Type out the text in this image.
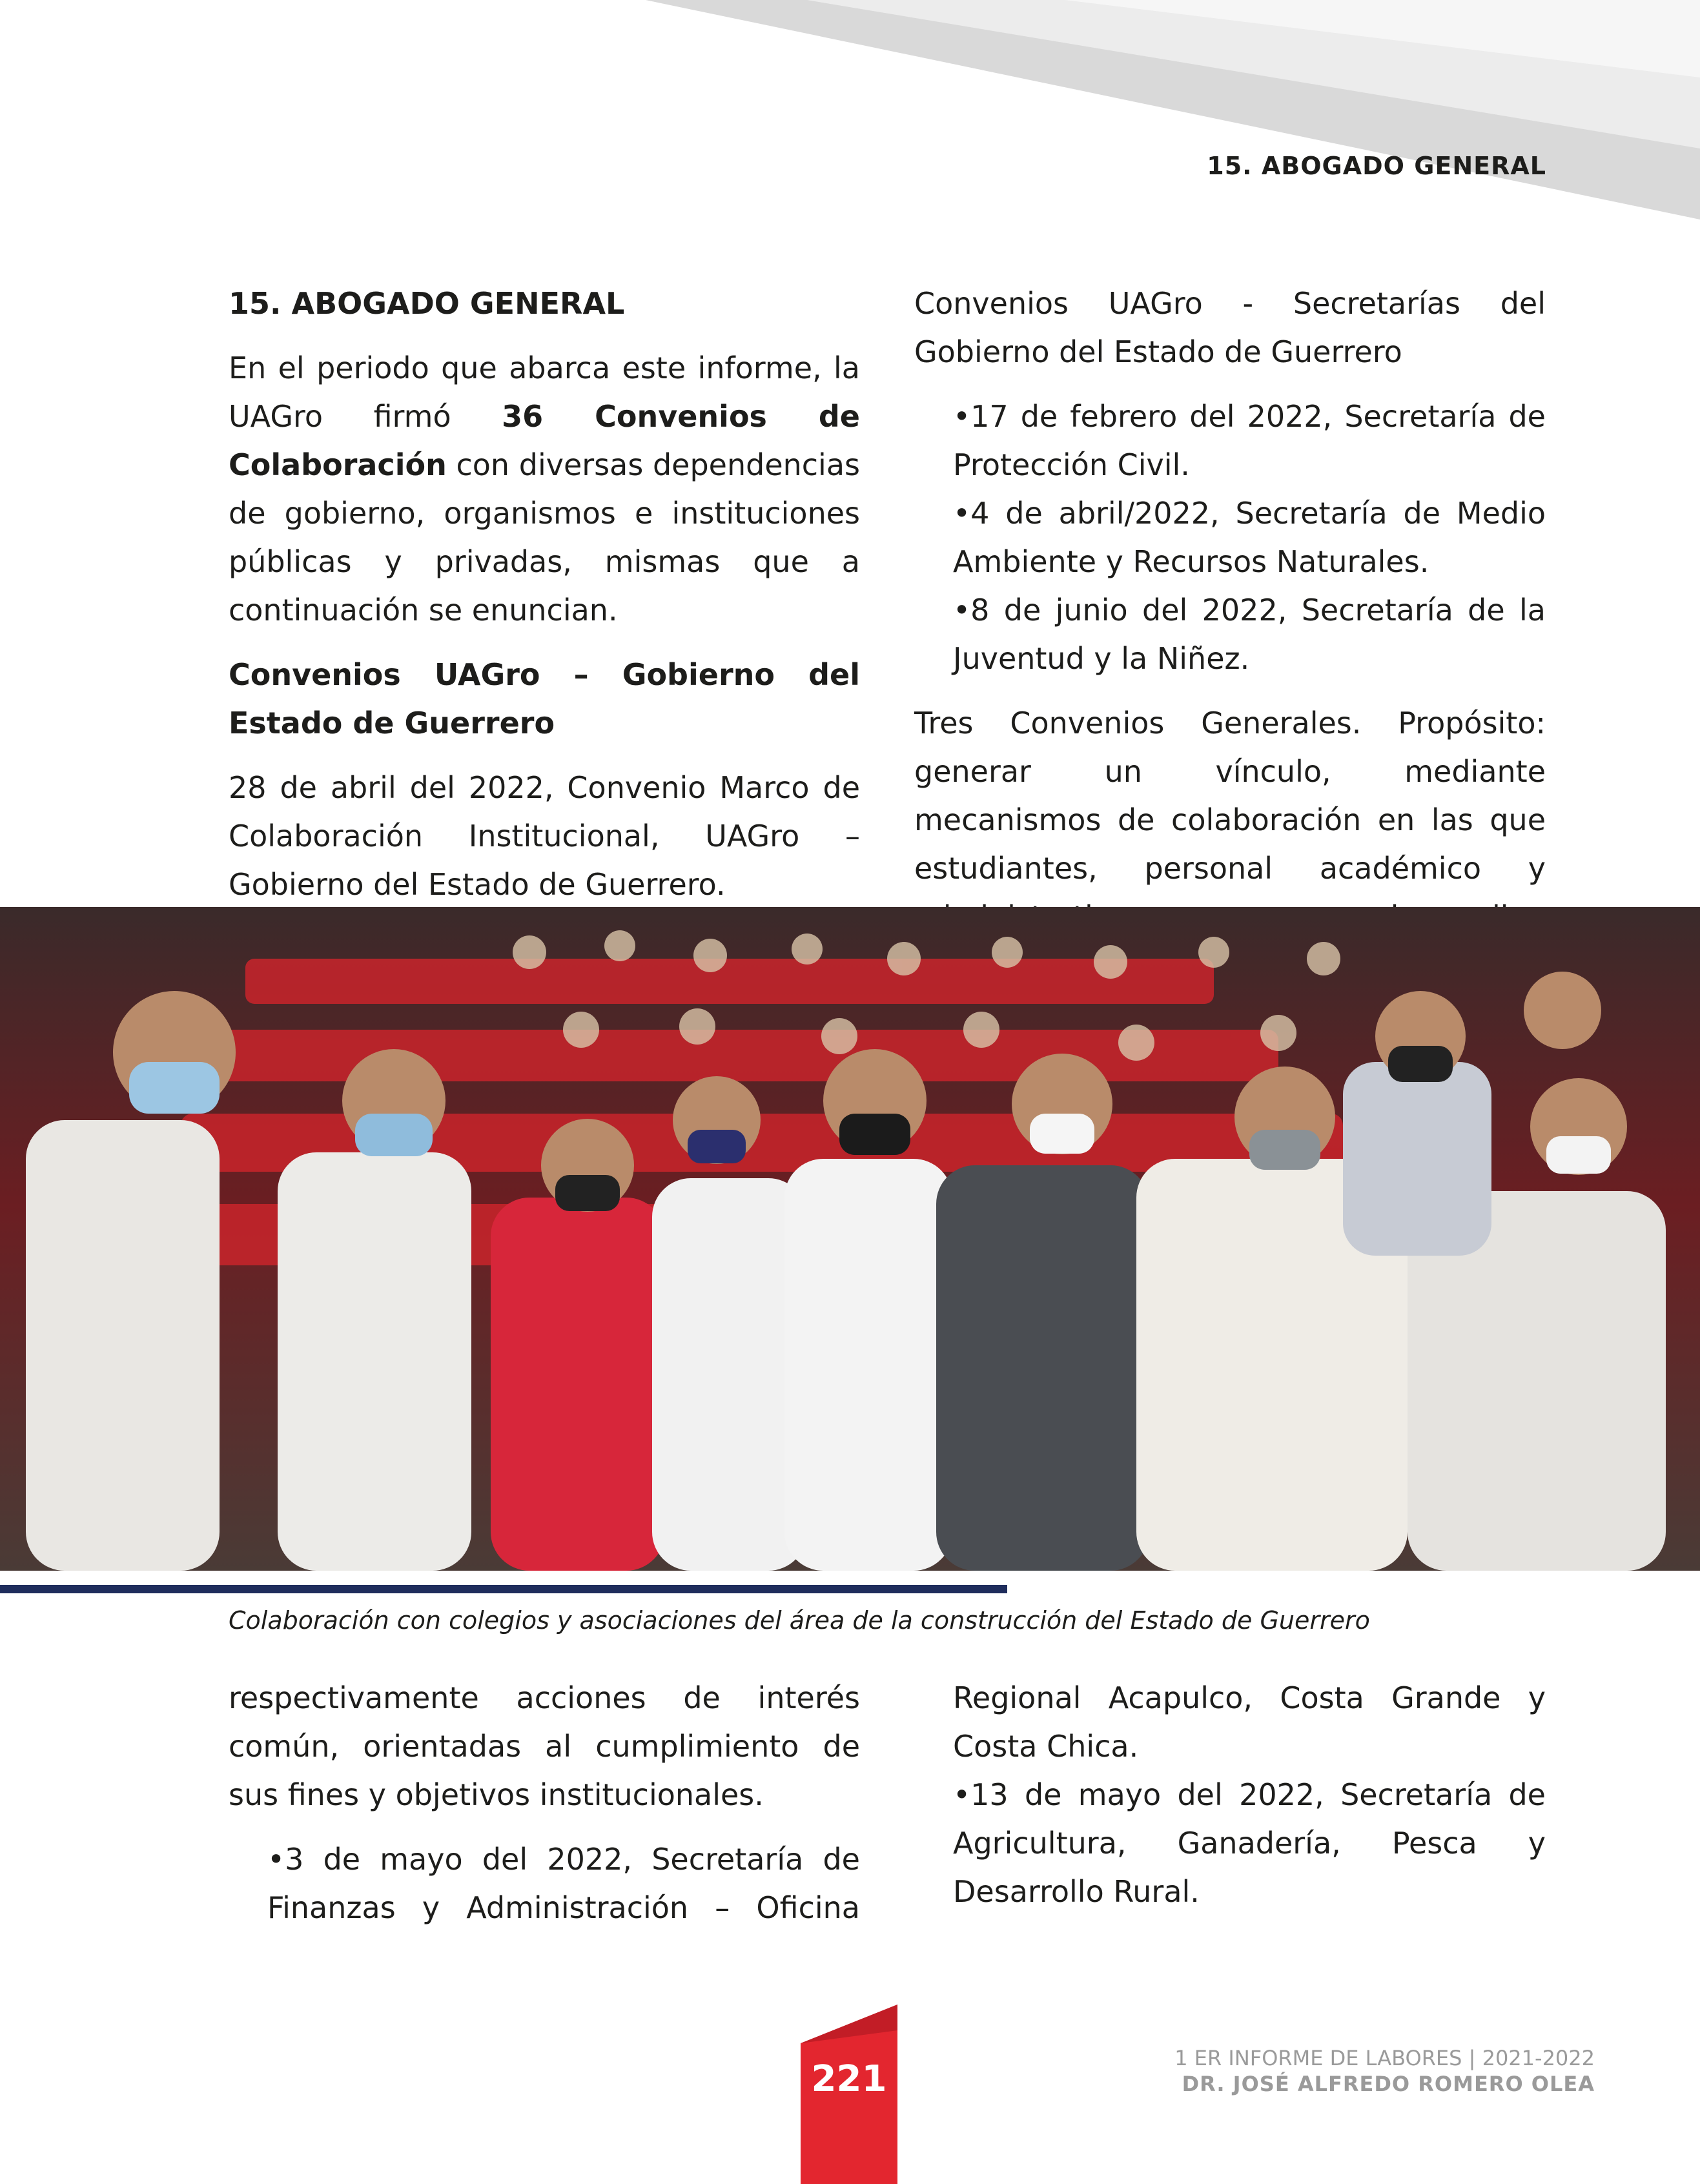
15. ABOGADO GENERAL

15. ABOGADO GENERAL

En el periodo que abarca este informe, la UAGro firmó 36 Convenios de Colaboración con diversas dependencias de gobierno, organismos e instituciones públicas y privadas, mismas que a continuación se enuncian.

Convenios UAGro – Gobierno del Estado de Guerrero

28 de abril del 2022, Convenio Marco de Colaboración Institucional, UAGro – Gobierno del Estado de Guerrero.

Convenios UAGro - Secretarías del Gobierno del Estado de Guerrero

•17 de febrero del 2022, Secretaría de Protección Civil.

•4 de abril/2022, Secretaría de Medio Ambiente y Recursos Naturales.

•8 de junio del 2022, Secretaría de la Juventud y la Niñez.

Tres Convenios Generales. Propósito: generar un vínculo, mediante mecanismos de colaboración en las que estudiantes, personal académico y

Colaboración con colegios y asociaciones del área de la construcción del Estado de Guerrero

respectivamente acciones de interés común, orientadas al cumplimiento de sus fines y objetivos institucionales.

•3 de mayo del 2022, Secretaría de Finanzas y Administración – Oficina

Regional Acapulco, Costa Grande y Costa Chica.

•13 de mayo del 2022, Secretaría de Agricultura, Ganadería, Pesca y Desarrollo Rural.

221	1 ER INFORME DE LABORES | 2021-2022
DR. JOSÉ ALFREDO ROMERO OLEA
